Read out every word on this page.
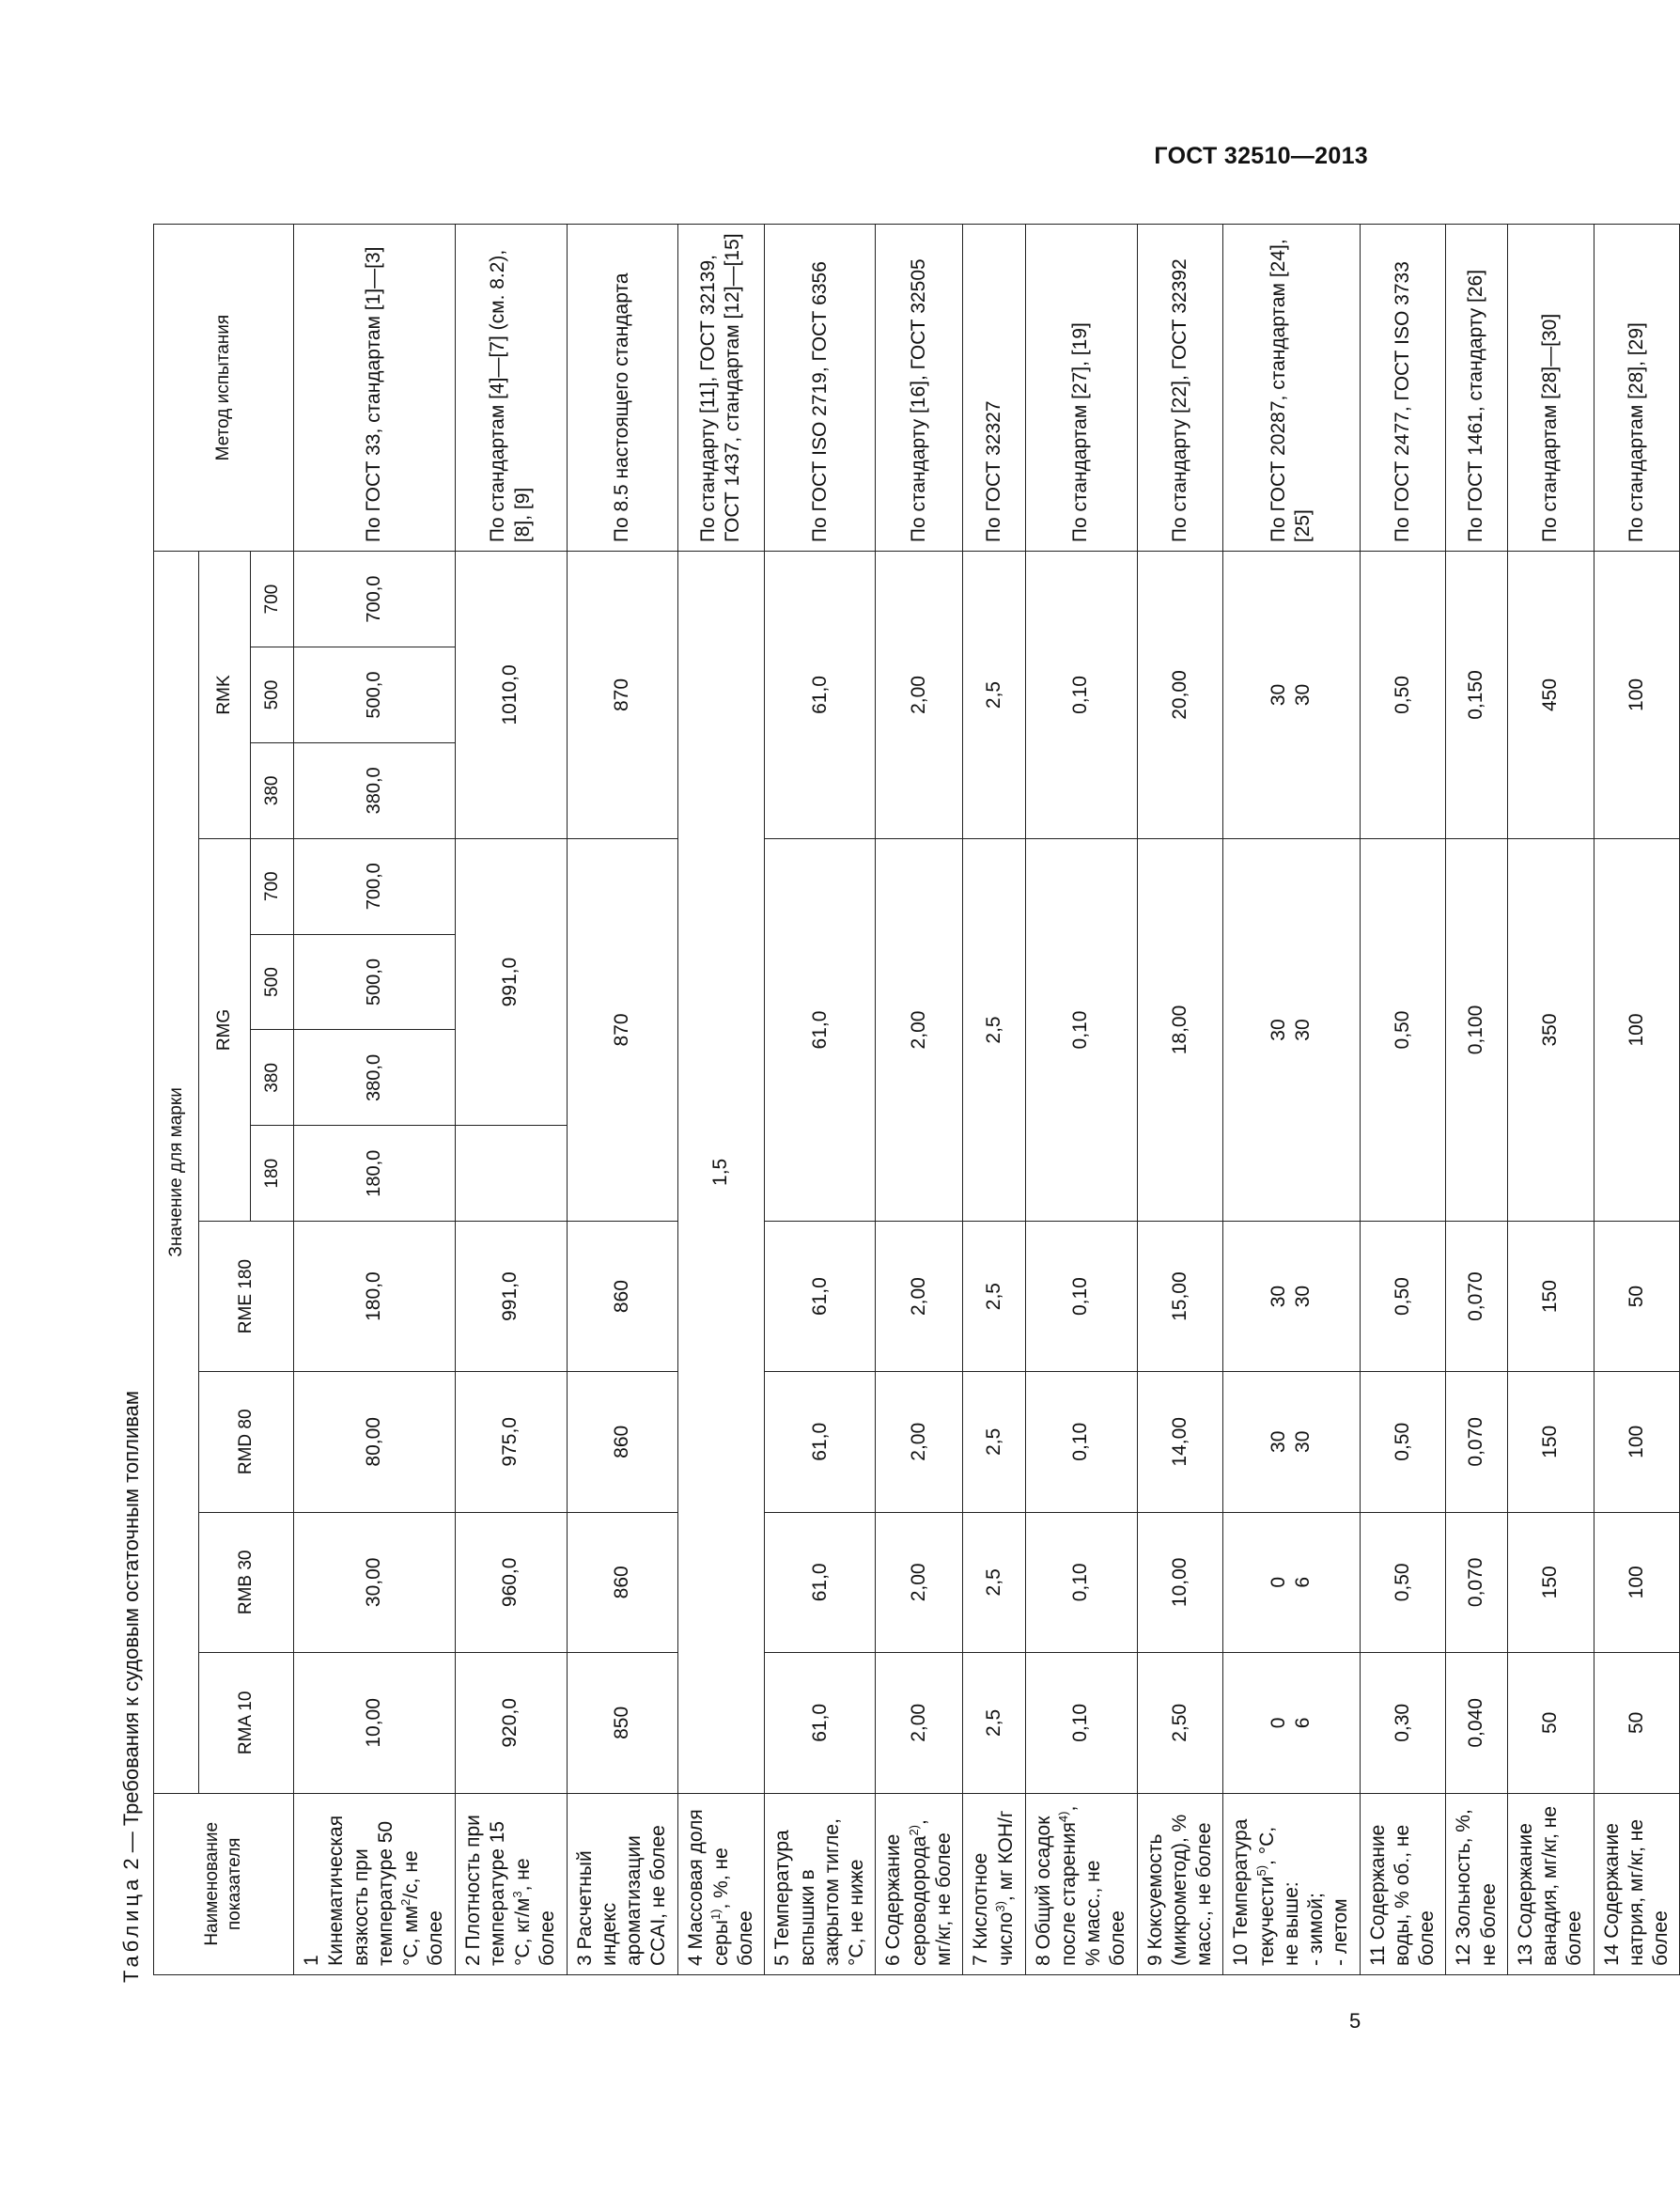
ГОСТ 32510—2013
Таблица 2 — Требования к судовым остаточным топливам
Наименование показателя	Значение для марки											Метод испытания
	RMA 10	RMB 30	RMD 80	RME 180	RMG				RMK			
					180	380	500	700	380	500	700	
1 Кинематическая вязкость при температуре 50 °С, $мм^2/с$, не более	10,00	30,00	80,00	180,0	180,0	380,0	500,0	700,0	380,0	500,0	700,0	По ГОСТ 33, стандартам [1]—[3]
2 Плотность при температуре 15 °С, $кг/м^3$, не более	920,0	960,0	975,0	991,0		991,0			1010,0			По стандартам [4]—[7] (см. 8.2), [8], [9]
3 Расчетный индекс ароматизации CCAI, не более	850	860	860	860	870				870			По 8.5 настоящего стандарта
4 Массовая доля серы$^{1)}$, %, не более	1,5											По стандарту [11], ГОСТ 32139, ГОСТ 1437, стандартам [12]—[15]
5 Температура вспышки в закрытом тигле, °С, не ниже	61,0	61,0	61,0	61,0	61,0				61,0			По ГОСТ ISO 2719, ГОСТ 6356
6 Содержание сероводорода$^{2)}$, мг/кг, не более	2,00	2,00	2,00	2,00	2,00				2,00			По стандарту [16], ГОСТ 32505
7 Кислотное число$^{3)}$, мг КОН/г	2,5	2,5	2,5	2,5	2,5				2,5			По ГОСТ 32327
8 Общий осадок после старения$^{4)}$, % масс., не более	0,10	0,10	0,10	0,10	0,10				0,10			По стандартам [27], [19]
9 Коксуемость (микрометод), % масс., не более	2,50	10,00	14,00	15,00	18,00				20,00			По стандарту [22], ГОСТ 32392
10 Температура текучести$^{5)}$, °С, не выше: - зимой; - летом	0 6	0 6	30 30	30 30	30 30				30 30			По ГОСТ 20287, стандартам [24], [25]
11 Содержание воды, % об., не более	0,30	0,50	0,50	0,50	0,50				0,50			По ГОСТ 2477, ГОСТ ISO 3733
12 Зольность, %, не более	0,040	0,070	0,070	0,070	0,100				0,150			По ГОСТ 1461, стандарту [26]
13 Содержание ванадия, мг/кг, не более	50	150	150	150	350				450			По стандартам [28]—[30]
14 Содержание натрия, мг/кг, не более	50	100	100	50	100				100			По стандартам [28], [29]
5
